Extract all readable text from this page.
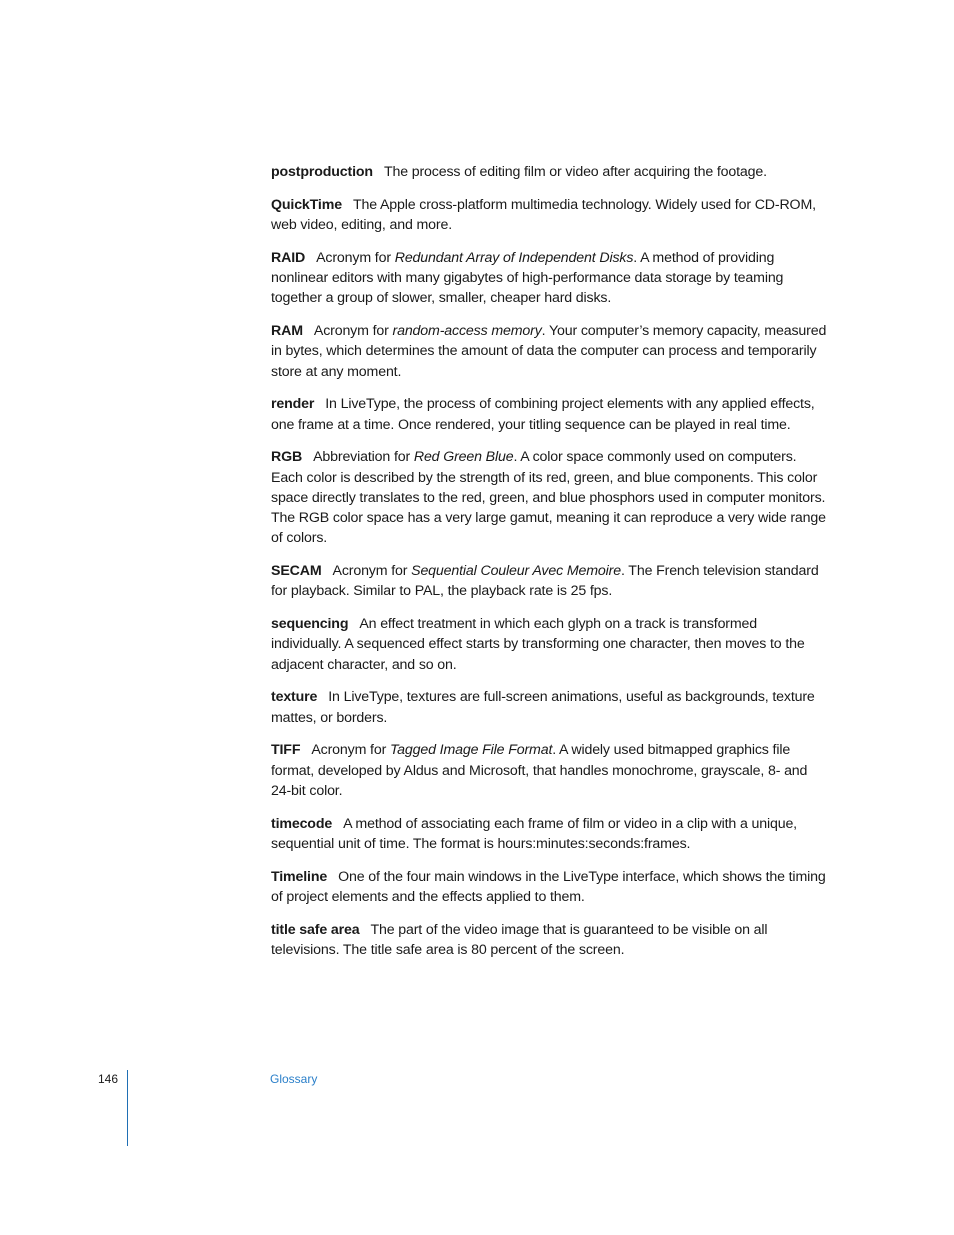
postproduction The process of editing film or video after acquiring the footage.

QuickTime The Apple cross-platform multimedia technology. Widely used for CD-ROM, web video, editing, and more.

RAID Acronym for Redundant Array of Independent Disks. A method of providing nonlinear editors with many gigabytes of high-performance data storage by teaming together a group of slower, smaller, cheaper hard disks.

RAM Acronym for random-access memory. Your computer’s memory capacity, measured in bytes, which determines the amount of data the computer can process and temporarily store at any moment.

render In LiveType, the process of combining project elements with any applied effects, one frame at a time. Once rendered, your titling sequence can be played in real time.

RGB Abbreviation for Red Green Blue. A color space commonly used on computers. Each color is described by the strength of its red, green, and blue components. This color space directly translates to the red, green, and blue phosphors used in computer monitors. The RGB color space has a very large gamut, meaning it can reproduce a very wide range of colors.

SECAM Acronym for Sequential Couleur Avec Memoire. The French television standard for playback. Similar to PAL, the playback rate is 25 fps.

sequencing An effect treatment in which each glyph on a track is transformed individually. A sequenced effect starts by transforming one character, then moves to the adjacent character, and so on.

texture In LiveType, textures are full-screen animations, useful as backgrounds, texture mattes, or borders.

TIFF Acronym for Tagged Image File Format. A widely used bitmapped graphics file format, developed by Aldus and Microsoft, that handles monochrome, grayscale, 8- and 24-bit color.

timecode A method of associating each frame of film or video in a clip with a unique, sequential unit of time. The format is hours:minutes:seconds:frames.

Timeline One of the four main windows in the LiveType interface, which shows the timing of project elements and the effects applied to them.

title safe area The part of the video image that is guaranteed to be visible on all televisions. The title safe area is 80 percent of the screen.

146	Glossary
